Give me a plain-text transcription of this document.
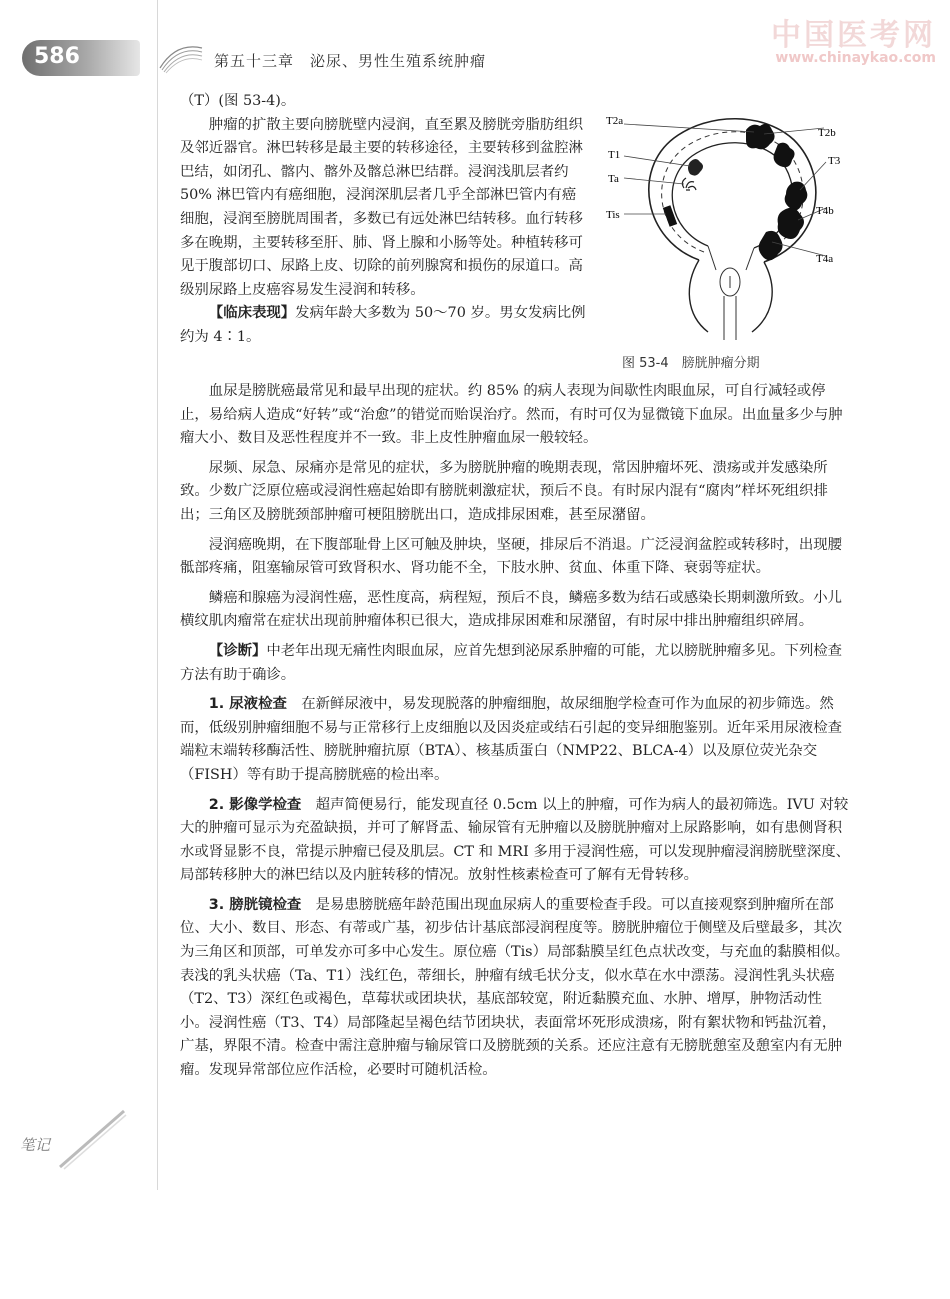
586	第五十三章　泌尿、男性生殖系统肿瘤
中国医考网
www.chinaykao.com

（T）(图 53-4)。

肿瘤的扩散主要向膀胱壁内浸润，直至累及膀胱旁脂肪组织及邻近器官。淋巴转移是最主要的转移途径，主要转移到盆腔淋巴结，如闭孔、髂内、髂外及髂总淋巴结群。浸润浅肌层者约 50% 淋巴管内有癌细胞，浸润深肌层者几乎全部淋巴管内有癌细胞，浸润至膀胱周围者，多数已有远处淋巴结转移。血行转移多在晚期，主要转移至肝、肺、肾上腺和小肠等处。种植转移可见于腹部切口、尿路上皮、切除的前列腺窝和损伤的尿道口。高级别尿路上皮癌容易发生浸润和转移。

【临床表现】发病年龄大多数为 50～70 岁。男女发病比例约为 4∶1。

T2a
T1
Ta
Tis
T2b
T3
T4b
T4a
图 53-4　膀胱肿瘤分期

血尿是膀胱癌最常见和最早出现的症状。约 85% 的病人表现为间歇性肉眼血尿，可自行减轻或停止，易给病人造成“好转”或“治愈”的错觉而贻误治疗。然而，有时可仅为显微镜下血尿。出血量多少与肿瘤大小、数目及恶性程度并不一致。非上皮性肿瘤血尿一般较轻。

尿频、尿急、尿痛亦是常见的症状，多为膀胱肿瘤的晚期表现，常因肿瘤坏死、溃疡或并发感染所致。少数广泛原位癌或浸润性癌起始即有膀胱刺激症状，预后不良。有时尿内混有“腐肉”样坏死组织排出；三角区及膀胱颈部肿瘤可梗阻膀胱出口，造成排尿困难，甚至尿潴留。

浸润癌晚期，在下腹部耻骨上区可触及肿块，坚硬，排尿后不消退。广泛浸润盆腔或转移时，出现腰骶部疼痛，阻塞输尿管可致肾积水、肾功能不全，下肢水肿、贫血、体重下降、衰弱等症状。

鳞癌和腺癌为浸润性癌，恶性度高，病程短，预后不良，鳞癌多数为结石或感染长期刺激所致。小儿横纹肌肉瘤常在症状出现前肿瘤体积已很大，造成排尿困难和尿潴留，有时尿中排出肿瘤组织碎屑。

【诊断】中老年出现无痛性肉眼血尿，应首先想到泌尿系肿瘤的可能，尤以膀胱肿瘤多见。下列检查方法有助于确诊。

1. 尿液检查　 在新鲜尿液中，易发现脱落的肿瘤细胞，故尿细胞学检查可作为血尿的初步筛选。然而，低级别肿瘤细胞不易与正常移行上皮细胞以及因炎症或结石引起的变异细胞鉴别。近年采用尿液检查端粒末端转移酶活性、膀胱肿瘤抗原（BTA）、核基质蛋白（NMP22、BLCA-4）以及原位荧光杂交（FISH）等有助于提高膀胱癌的检出率。

2. 影像学检查　 超声简便易行，能发现直径 0.5cm 以上的肿瘤，可作为病人的最初筛选。IVU 对较大的肿瘤可显示为充盈缺损，并可了解肾盂、输尿管有无肿瘤以及膀胱肿瘤对上尿路影响，如有患侧肾积水或肾显影不良，常提示肿瘤已侵及肌层。CT 和 MRI 多用于浸润性癌，可以发现肿瘤浸润膀胱壁深度、局部转移肿大的淋巴结以及内脏转移的情况。放射性核素检查可了解有无骨转移。

3. 膀胱镜检查　 是易患膀胱癌年龄范围出现血尿病人的重要检查手段。可以直接观察到肿瘤所在部位、大小、数目、形态、有蒂或广基，初步估计基底部浸润程度等。膀胱肿瘤位于侧壁及后壁最多，其次为三角区和顶部，可单发亦可多中心发生。原位癌（Tis）局部黏膜呈红色点状改变，与充血的黏膜相似。表浅的乳头状癌（Ta、T1）浅红色，蒂细长，肿瘤有绒毛状分支，似水草在水中漂荡。浸润性乳头状癌（T2、T3）深红色或褐色，草莓状或团块状，基底部较宽，附近黏膜充血、水肿、增厚，肿物活动性小。浸润性癌（T3、T4）局部隆起呈褐色结节团块状，表面常坏死形成溃疡，附有絮状物和钙盐沉着，广基，界限不清。检查中需注意肿瘤与输尿管口及膀胱颈的关系。还应注意有无膀胱憩室及憩室内有无肿瘤。发现异常部位应作活检，必要时可随机活检。

笔记
